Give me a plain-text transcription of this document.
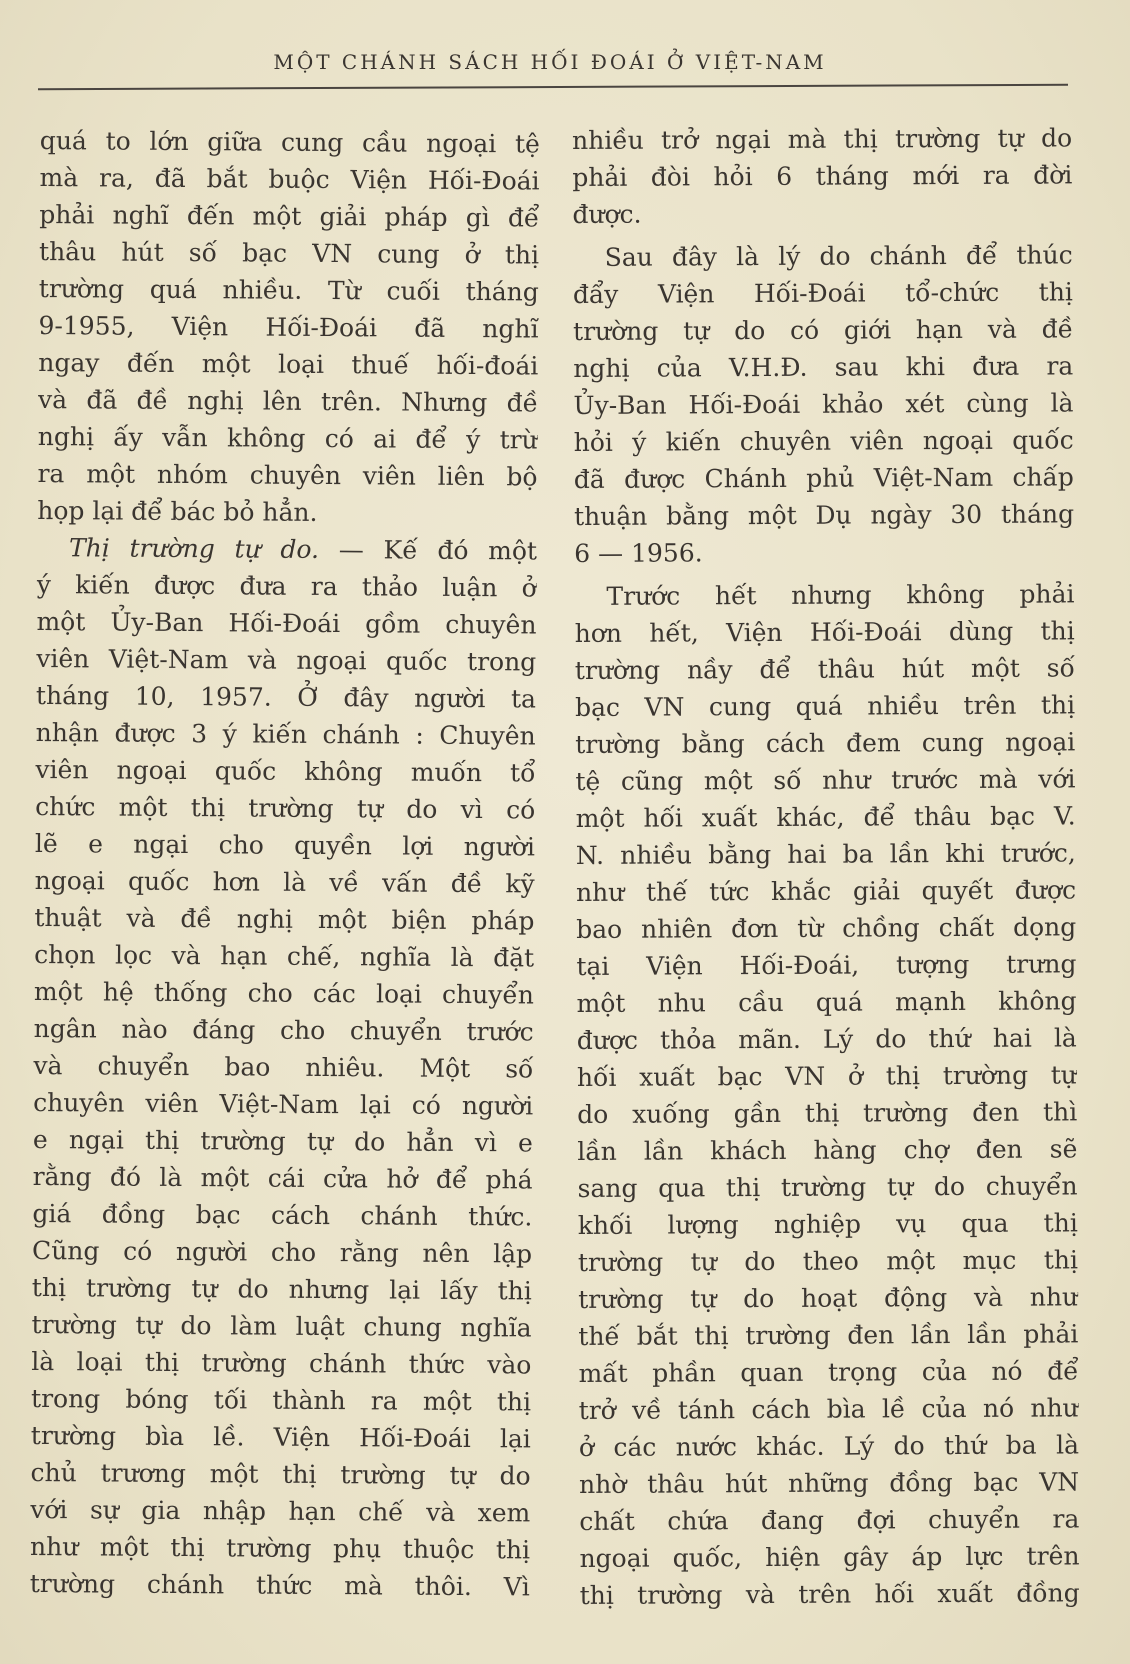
MỘT CHÁNH SÁCH HỐI ĐOÁI Ở VIỆT-NAM
quá to lớn giữa cung cầu ngoại tệ
mà ra, đã bắt buộc Viện Hối-Đoái
phải nghĩ đến một giải pháp gì để
thâu hút số bạc VN cung ở thị
trường quá nhiều. Từ cuối tháng
9-1955, Viện Hối-Đoái đã nghĩ
ngay đến một loại thuế hối-đoái
và đã đề nghị lên trên. Nhưng đề
nghị ấy vẫn không có ai để ý trừ
ra một nhóm chuyên viên liên bộ
họp lại để bác bỏ hẳn.
Thị trường tự do. — Kế đó một
ý kiến được đưa ra thảo luận ở
một Ủy-Ban Hối-Đoái gồm chuyên
viên Việt-Nam và ngoại quốc trong
tháng 10, 1957. Ở đây người ta
nhận được 3 ý kiến chánh : Chuyên
viên ngoại quốc không muốn tổ
chức một thị trường tự do vì có
lẽ e ngại cho quyền lợi người
ngoại quốc hơn là về vấn đề kỹ
thuật và đề nghị một biện pháp
chọn lọc và hạn chế, nghĩa là đặt
một hệ thống cho các loại chuyển
ngân nào đáng cho chuyển trước
và chuyển bao nhiêu. Một số
chuyên viên Việt-Nam lại có người
e ngại thị trường tự do hẳn vì e
rằng đó là một cái cửa hở để phá
giá đồng bạc cách chánh thức.
Cũng có người cho rằng nên lập
thị trường tự do nhưng lại lấy thị
trường tự do làm luật chung nghĩa
là loại thị trường chánh thức vào
trong bóng tối thành ra một thị
trường bìa lề. Viện Hối-Đoái lại
chủ trương một thị trường tự do
với sự gia nhập hạn chế và xem
như một thị trường phụ thuộc thị
trường chánh thức mà thôi. Vì
nhiều trở ngại mà thị trường tự do
phải đòi hỏi 6 tháng mới ra đời
được.
Sau đây là lý do chánh để thúc
đẩy Viện Hối-Đoái tổ-chức thị
trường tự do có giới hạn và đề
nghị của V.H.Đ. sau khi đưa ra
Ủy-Ban Hối-Đoái khảo xét cùng là
hỏi ý kiến chuyên viên ngoại quốc
đã được Chánh phủ Việt-Nam chấp
thuận bằng một Dụ ngày 30 tháng
6 — 1956.
Trước hết nhưng không phải
hơn hết, Viện Hối-Đoái dùng thị
trường nầy để thâu hút một số
bạc VN cung quá nhiều trên thị
trường bằng cách đem cung ngoại
tệ cũng một số như trước mà với
một hối xuất khác, để thâu bạc V.
N. nhiều bằng hai ba lần khi trước,
như thế tức khắc giải quyết được
bao nhiên đơn từ chồng chất dọng
tại Viện Hối-Đoái, tượng trưng
một nhu cầu quá mạnh không
được thỏa mãn. Lý do thứ hai là
hối xuất bạc VN ở thị trường tự
do xuống gần thị trường đen thì
lần lần khách hàng chợ đen sẽ
sang qua thị trường tự do chuyển
khối lượng nghiệp vụ qua thị
trường tự do theo một mục thị
trường tự do hoạt động và như
thế bắt thị trường đen lần lần phải
mất phần quan trọng của nó để
trở về tánh cách bìa lề của nó như
ở các nước khác. Lý do thứ ba là
nhờ thâu hút những đồng bạc VN
chất chứa đang đợi chuyển ra
ngoại quốc, hiện gây áp lực trên
thị trường và trên hối xuất đồng
